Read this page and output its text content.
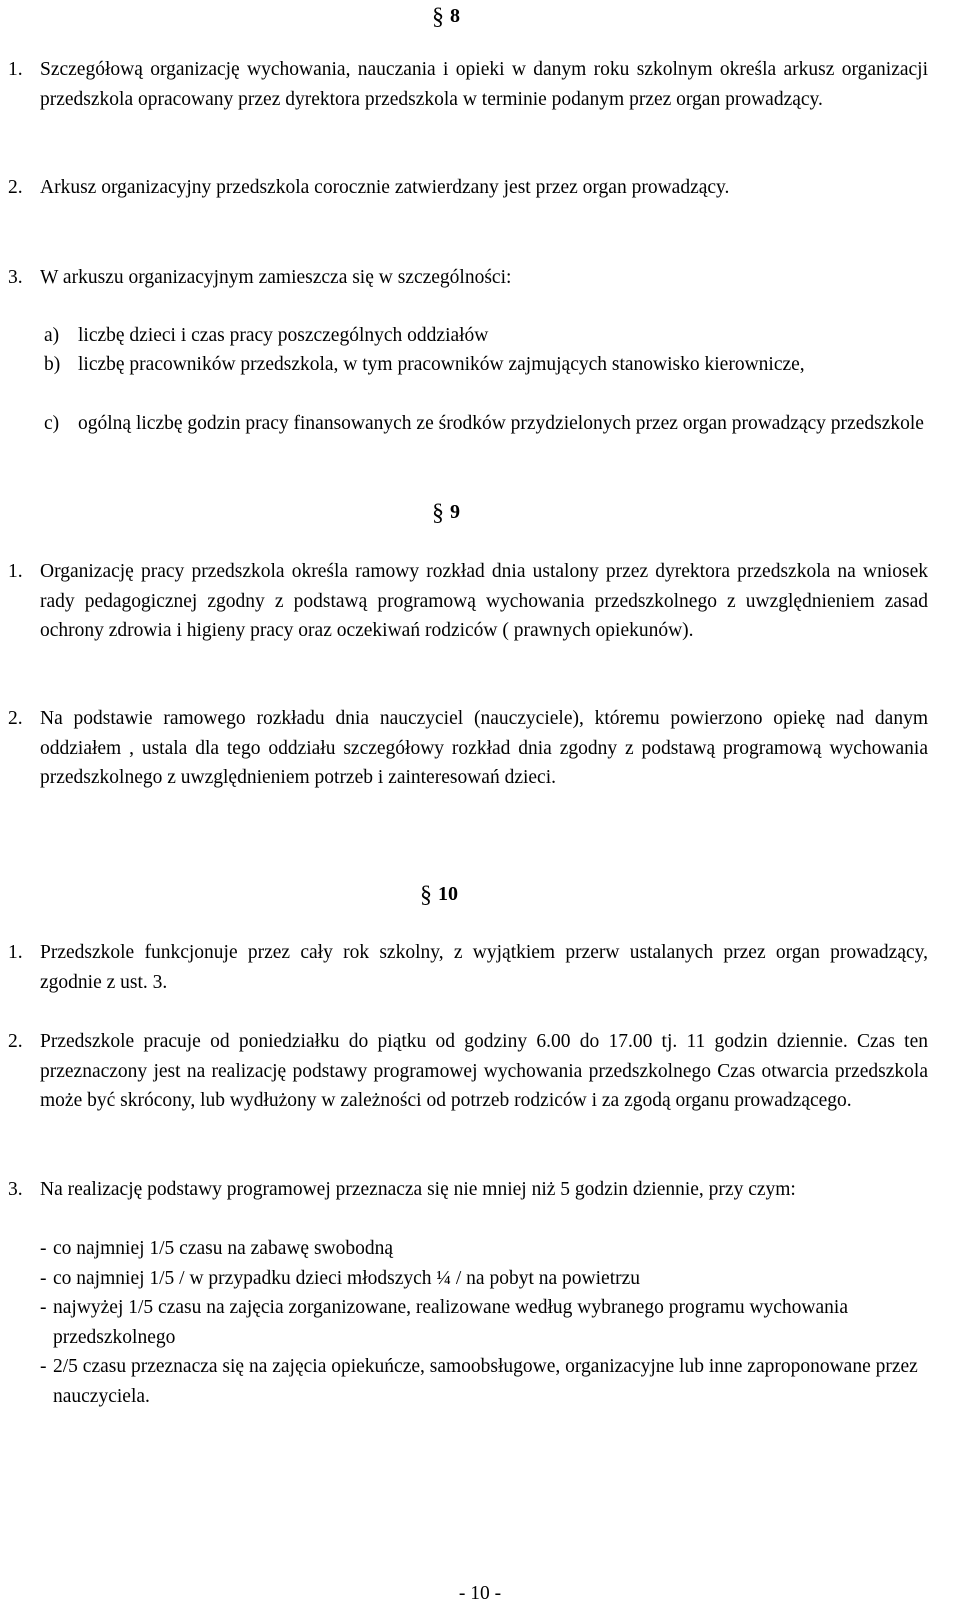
§ 8
1. Szczegółową organizację wychowania, nauczania i opieki w danym roku szkolnym określa arkusz organizacji przedszkola opracowany przez dyrektora przedszkola w terminie podanym przez organ prowadzący.
2. Arkusz organizacyjny przedszkola corocznie zatwierdzany jest przez organ prowadzący.
3. W arkuszu organizacyjnym zamieszcza się w szczególności:
a) liczbę dzieci i czas pracy poszczególnych oddziałów
b) liczbę pracowników przedszkola, w tym pracowników zajmujących stanowisko kierownicze,
c) ogólną liczbę godzin pracy finansowanych ze środków przydzielonych przez organ prowadzący przedszkole
§ 9
1. Organizację pracy przedszkola określa ramowy rozkład dnia ustalony przez dyrektora przedszkola na wniosek rady pedagogicznej zgodny z podstawą programową wychowania przedszkolnego z uwzględnieniem zasad ochrony zdrowia i higieny pracy oraz oczekiwań rodziców ( prawnych opiekunów).
2. Na podstawie ramowego rozkładu dnia nauczyciel (nauczyciele), któremu powierzono opiekę nad danym oddziałem , ustala dla tego oddziału szczegółowy rozkład dnia zgodny z podstawą programową wychowania przedszkolnego z uwzględnieniem potrzeb i zainteresowań dzieci.
§ 10
1. Przedszkole funkcjonuje przez cały rok szkolny, z wyjątkiem przerw ustalanych przez organ prowadzący, zgodnie z ust. 3.
2. Przedszkole pracuje od poniedziałku do piątku od godziny 6.00 do 17.00 tj. 11 godzin dziennie. Czas ten przeznaczony jest na realizację podstawy programowej wychowania przedszkolnego Czas otwarcia przedszkola może być skrócony, lub wydłużony w zależności od potrzeb rodziców i za zgodą organu prowadzącego.
3. Na realizację podstawy programowej przeznacza się nie mniej niż 5 godzin dziennie, przy czym:
- co najmniej 1/5 czasu na zabawę swobodną
- co najmniej 1/5 / w przypadku dzieci młodszych ¼ / na pobyt na powietrzu
- najwyżej 1/5 czasu na zajęcia zorganizowane, realizowane według wybranego programu wychowania przedszkolnego
- 2/5 czasu przeznacza się na zajęcia opiekuńcze, samoobsługowe, organizacyjne lub inne zaproponowane przez nauczyciela.
- 10 -
